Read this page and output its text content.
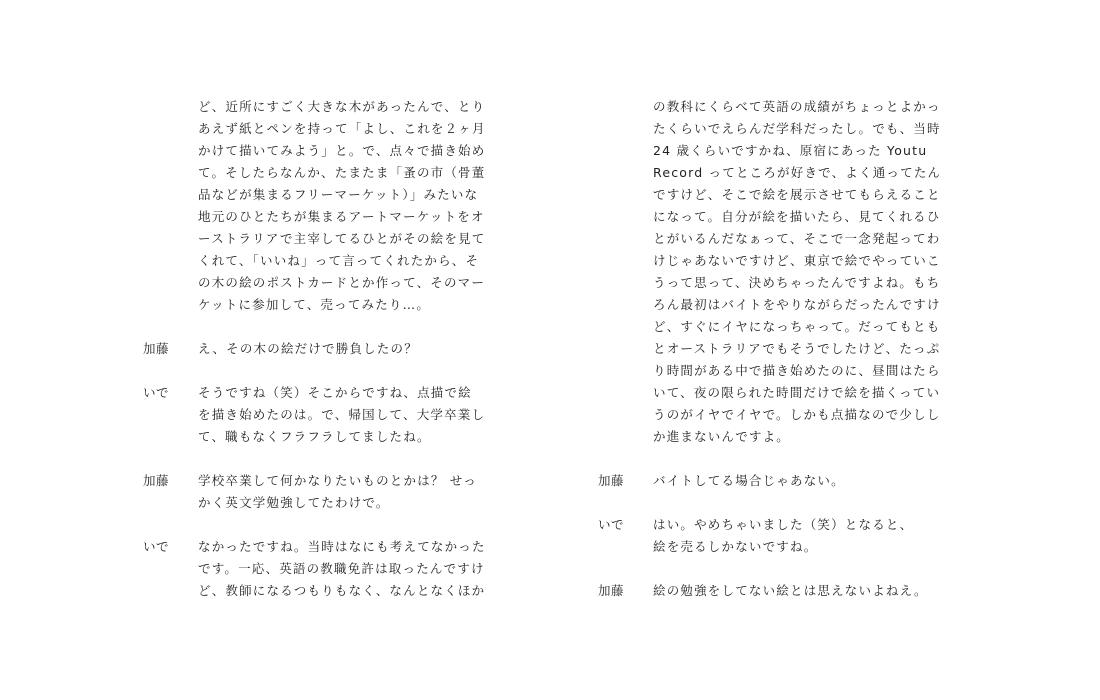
ど、近所にすごく大きな木があったんで、とり
あえず紙とペンを持って「よし、これを２ヶ月
かけて描いてみよう」と。で、点々で描き始め
て。そしたらなんか、たまたま「蚤の市（骨董
品などが集まるフリーマーケット）」みたいな
地元のひとたちが集まるアートマーケットをオ
ーストラリアで主宰してるひとがその絵を見て
くれて、「いいね」って言ってくれたから、そ
の木の絵のポストカードとか作って、そのマー
ケットに参加して、売ってみたり…。
加藤	え、その木の絵だけで勝負したの？
いで	そうですね（笑）そこからですね、点描で絵
を描き始めたのは。で、帰国して、大学卒業し
て、職もなくフラフラしてましたね。
加藤	学校卒業して何かなりたいものとかは？ せっ
かく英文学勉強してたわけで。
いで	なかったですね。当時はなにも考えてなかった
です。一応、英語の教職免許は取ったんですけ
ど、教師になるつもりもなく、なんとなくほか
の教科にくらべて英語の成績がちょっとよかっ
たくらいでえらんだ学科だったし。でも、当時
24 歳くらいですかね、原宿にあった Youtu
Record ってところが好きで、よく通ってたん
ですけど、そこで絵を展示させてもらえること
になって。自分が絵を描いたら、見てくれるひ
とがいるんだなぁって、そこで一念発起ってわ
けじゃあないですけど、東京で絵でやっていこ
うって思って、決めちゃったんですよね。もち
ろん最初はバイトをやりながらだったんですけ
ど、すぐにイヤになっちゃって。だってもとも
とオーストラリアでもそうでしたけど、たっぷ
り時間がある中で描き始めたのに、昼間はたら
いて、夜の限られた時間だけで絵を描くってい
うのがイヤでイヤで。しかも点描なので少しし
か進まないんですよ。
加藤	バイトしてる場合じゃあない。
いで	はい。やめちゃいました（笑）となると、
絵を売るしかないですね。
加藤	絵の勉強をしてない絵とは思えないよねえ。
